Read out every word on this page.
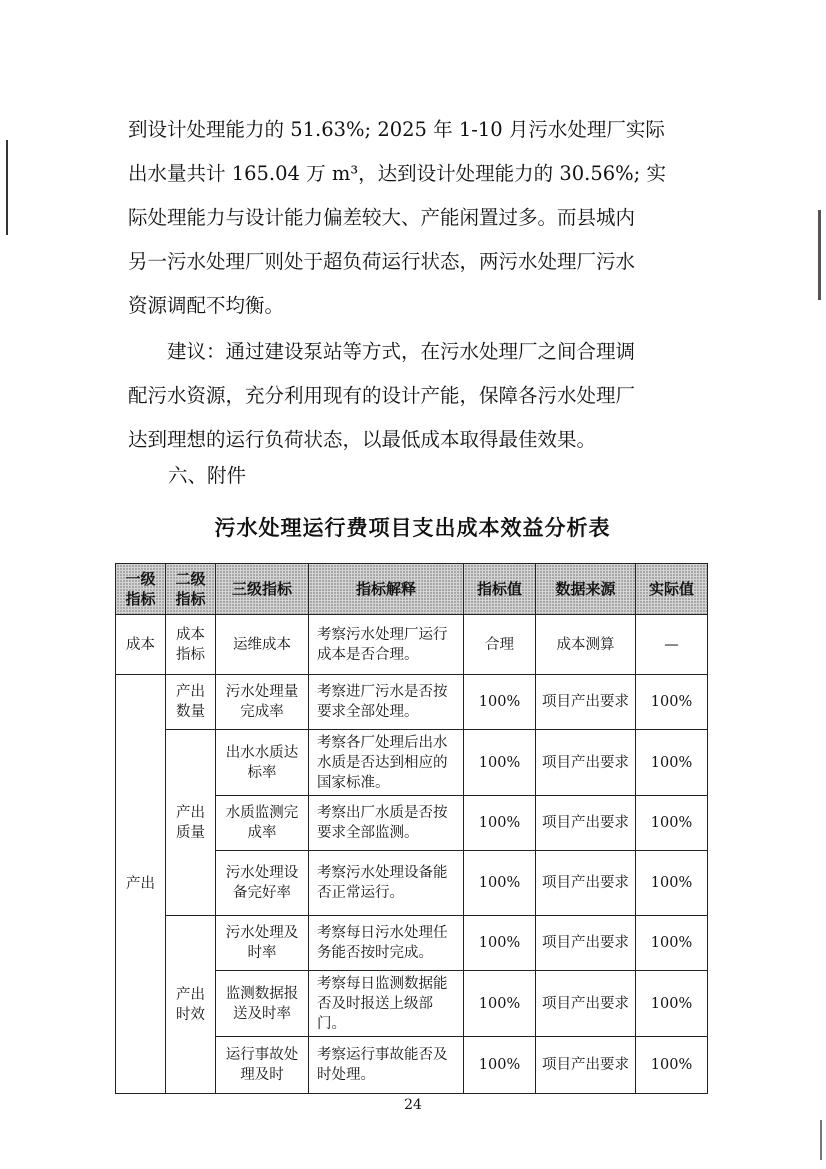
到设计处理能力的 51.63%; 2025 年 1-10 月污水处理厂实际
出水量共计 165.04 万 m³，达到设计处理能力的 30.56%; 实
际处理能力与设计能力偏差较大、产能闲置过多。而县城内
另一污水处理厂则处于超负荷运行状态，两污水处理厂污水
资源调配不均衡。
建议：通过建设泵站等方式，在污水处理厂之间合理调
配污水资源，充分利用现有的设计产能，保障各污水处理厂
达到理想的运行负荷状态，以最低成本取得最佳效果。
六、附件
污水处理运行费项目支出成本效益分析表
一级指标	二级指标	三级指标	指标解释	指标值	数据来源	实际值
成本	成本指标	运维成本	考察污水处理厂运行成本是否合理。	合理	成本测算	—
产出	产出数量	污水处理量完成率	考察进厂污水是否按要求全部处理。	100%	项目产出要求	100%
	产出质量	出水水质达标率	考察各厂处理后出水水质是否达到相应的国家标准。	100%	项目产出要求	100%
		水质监测完成率	考察出厂水质是否按要求全部监测。	100%	项目产出要求	100%
		污水处理设备完好率	考察污水处理设备能否正常运行。	100%	项目产出要求	100%
	产出时效	污水处理及时率	考察每日污水处理任务能否按时完成。	100%	项目产出要求	100%
		监测数据报送及时率	考察每日监测数据能否及时报送上级部门。	100%	项目产出要求	100%
		运行事故处理及时	考察运行事故能否及时处理。	100%	项目产出要求	100%
24
